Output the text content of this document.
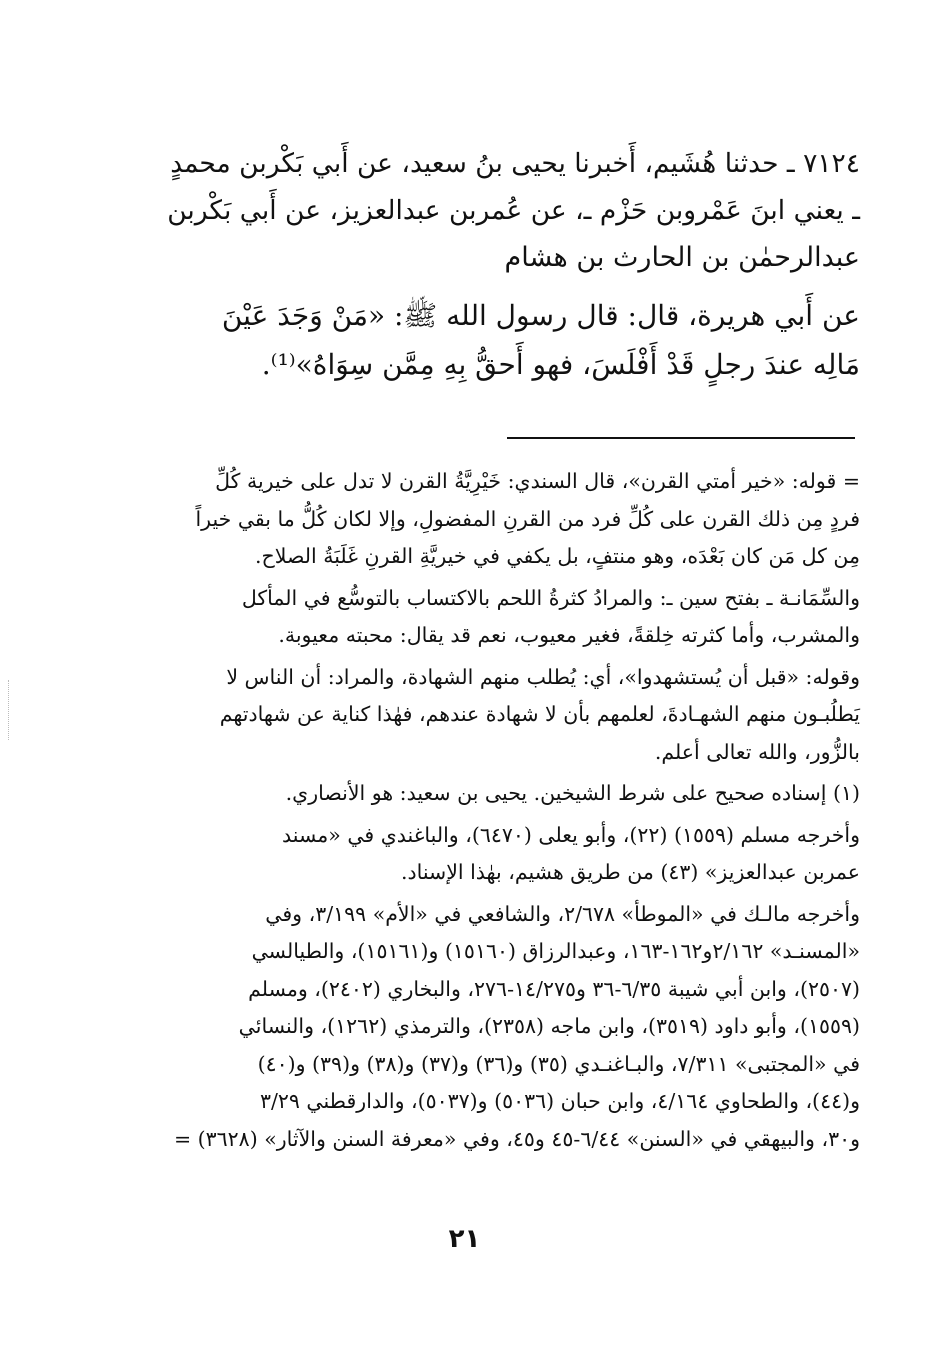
٧١٢٤ ـ حدثنا هُشَيم، أَخبرنا يحيى بنُ سعيد، عن أَبي بَكْربن محمدٍ
ـ يعني ابنَ عَمْروبن حَزْم ـ، عن عُمربن عبدالعزيز، عن أَبي بَكْربن
عبدالرحمٰن بن الحارث بن هشام

عن أَبي هريرة، قال: قال رسول الله ﷺ: «مَنْ وَجَدَ عَيْنَ
مَالِه عندَ رجلٍ قَدْ أَفْلَسَ، فهو أَحقُّ بِهِ مِمَّن سِوَاهُ»⁽¹⁾.

= قوله: «خير أمتي القرن»، قال السندي: خَيْرِيَّةُ القرن لا تدل على خيرية كُلِّ
فردٍ مِن ذلك القرن على كُلِّ فرد من القرنِ المفضولِ، وإلا لكان كُلُّ ما بقي خيراً
مِن كل مَن كان بَعْدَه، وهو منتفٍ، بل يكفي في خيريَّةِ القرنِ غَلَبَةُ الصلاح.

والسِّمَانـة ـ بفتح سين ـ: والمرادُ كثرةُ اللحم بالاكتساب بالتوسُّع في المأكل
والمشرب، وأما كثرته خِلقةً، فغير معيوب، نعم قد يقال: محبته معيوبة.

وقوله: «قبل أن يُستشهدوا»، أي: يُطلب منهم الشهادة، والمراد: أن الناس لا
يَطلُبـون منهم الشهـادةَ، لعلمهم بأن لا شهادة عندهم، فهٰذا كناية عن شهادتهم
بالزُّور، والله تعالى أعلم.

(١) إسناده صحيح على شرط الشيخين. يحيى بن سعيد: هو الأنصاري.

وأخرجه مسلم (١٥٥٩) (٢٢)، وأبو يعلى (٦٤٧٠)، والباغندي في «مسند
عمربن عبدالعزيز» (٤٣) من طريق هشيم، بهٰذا الإسناد.

وأخرجه مالـك في «الموطأ» ٢/٦٧٨، والشافعي في «الأم» ٣/١٩٩، وفي
«المسنـد» ٢/١٦٢و١٦٢-١٦٣، وعبدالرزاق (١٥١٦٠) و(١٥١٦١)، والطيالسي
(٢٥٠٧)، وابن أبي شيبة ٦/٣٥-٣٦ و١٤/٢٧٥-٢٧٦، والبخاري (٢٤٠٢)، ومسلم
(١٥٥٩)، وأبو داود (٣٥١٩)، وابن ماجه (٢٣٥٨)، والترمذي (١٢٦٢)، والنسائي
في «المجتبى» ٧/٣١١، والبـاغنـدي (٣٥) و(٣٦) و(٣٧) و(٣٨) و(٣٩) و(٤٠)
و(٤٤)، والطحاوي ٤/١٦٤، وابن حبان (٥٠٣٦) و(٥٠٣٧)، والدارقطني ٣/٢٩
و٣٠، والبيهقي في «السنن» ٦/٤٤-٤٥ و٤٥، وفي «معرفة السنن والآثار» (٣٦٢٨) =

٢١
